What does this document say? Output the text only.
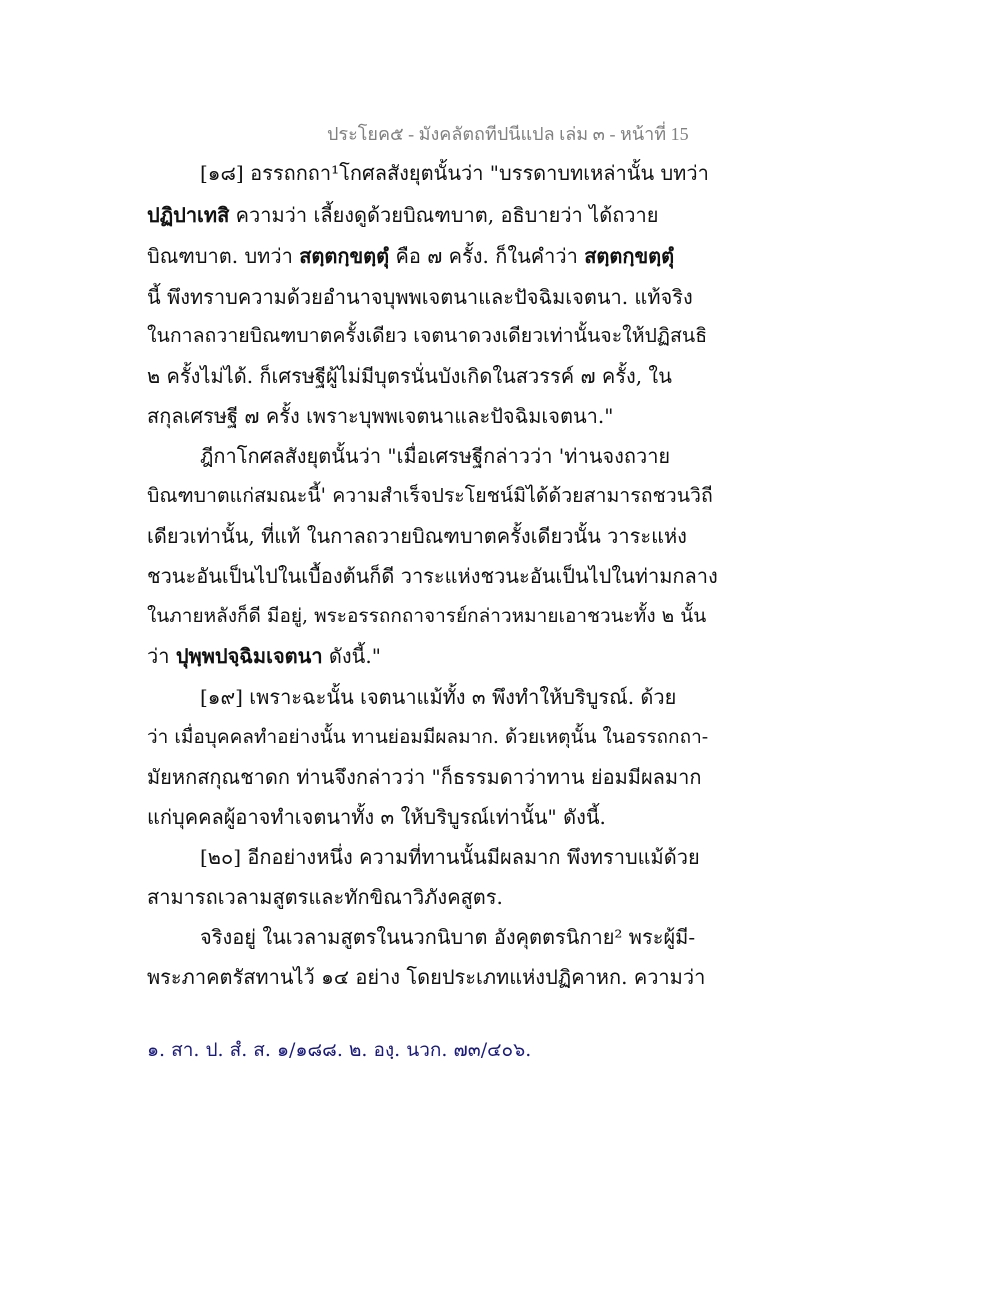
ประโยค๕ - มังคลัตถทีปนีแปล เล่ม ๓ - หน้าที่ 15
[๑๘] อรรถกถา¹โกศลสังยุตนั้นว่า "บรรดาบทเหล่านั้น บทว่า
ปฏิปาเทสิ ความว่า เลี้ยงดูด้วยบิณฑบาต, อธิบายว่า ได้ถวาย
บิณฑบาต. บทว่า สตฺตกฺขตฺตุํ คือ ๗ ครั้ง. ก็ในคำว่า สตฺตกฺขตฺตุํ
นี้ พึงทราบความด้วยอำนาจบุพพเจตนาและปัจฉิมเจตนา. แท้จริง
ในกาลถวายบิณฑบาตครั้งเดียว เจตนาดวงเดียวเท่านั้นจะให้ปฏิสนธิ
๒ ครั้งไม่ได้. ก็เศรษฐีผู้ไม่มีบุตรนั่นบังเกิดในสวรรค์ ๗ ครั้ง, ใน
สกุลเศรษฐี ๗ ครั้ง เพราะบุพพเจตนาและปัจฉิมเจตนา."
ฎีกาโกศลสังยุตนั้นว่า "เมื่อเศรษฐีกล่าวว่า 'ท่านจงถวาย
บิณฑบาตแก่สมณะนี้' ความสำเร็จประโยชน์มิได้ด้วยสามารถชวนวิถี
เดียวเท่านั้น, ที่แท้ ในกาลถวายบิณฑบาตครั้งเดียวนั้น วาระแห่ง
ชวนะอันเป็นไปในเบื้องต้นก็ดี วาระแห่งชวนะอันเป็นไปในท่ามกลาง
ในภายหลังก็ดี มีอยู่, พระอรรถกถาจารย์กล่าวหมายเอาชวนะทั้ง ๒ นั้น
ว่า ปุพฺพปจฺฉิมเจตนา ดังนี้."
[๑๙] เพราะฉะนั้น เจตนาแม้ทั้ง ๓ พึงทำให้บริบูรณ์. ด้วย
ว่า เมื่อบุคคลทำอย่างนั้น ทานย่อมมีผลมาก. ด้วยเหตุนั้น ในอรรถกถา-
มัยหกสกุณชาดก ท่านจึงกล่าวว่า "ก็ธรรมดาว่าทาน ย่อมมีผลมาก
แก่บุคคลผู้อาจทำเจตนาทั้ง ๓ ให้บริบูรณ์เท่านั้น" ดังนี้.
[๒๐] อีกอย่างหนึ่ง ความที่ทานนั้นมีผลมาก พึงทราบแม้ด้วย
สามารถเวลามสูตรและทักขิณาวิภังคสูตร.
จริงอยู่ ในเวลามสูตรในนวกนิบาต อังคุตตรนิกาย² พระผู้มี-
พระภาคตรัสทานไว้ ๑๔ อย่าง โดยประเภทแห่งปฏิคาหก. ความว่า
๑. สา. ป. สํ. ส. ๑/๑๘๘. ๒. องฺ. นวก. ๗๓/๔๐๖.
